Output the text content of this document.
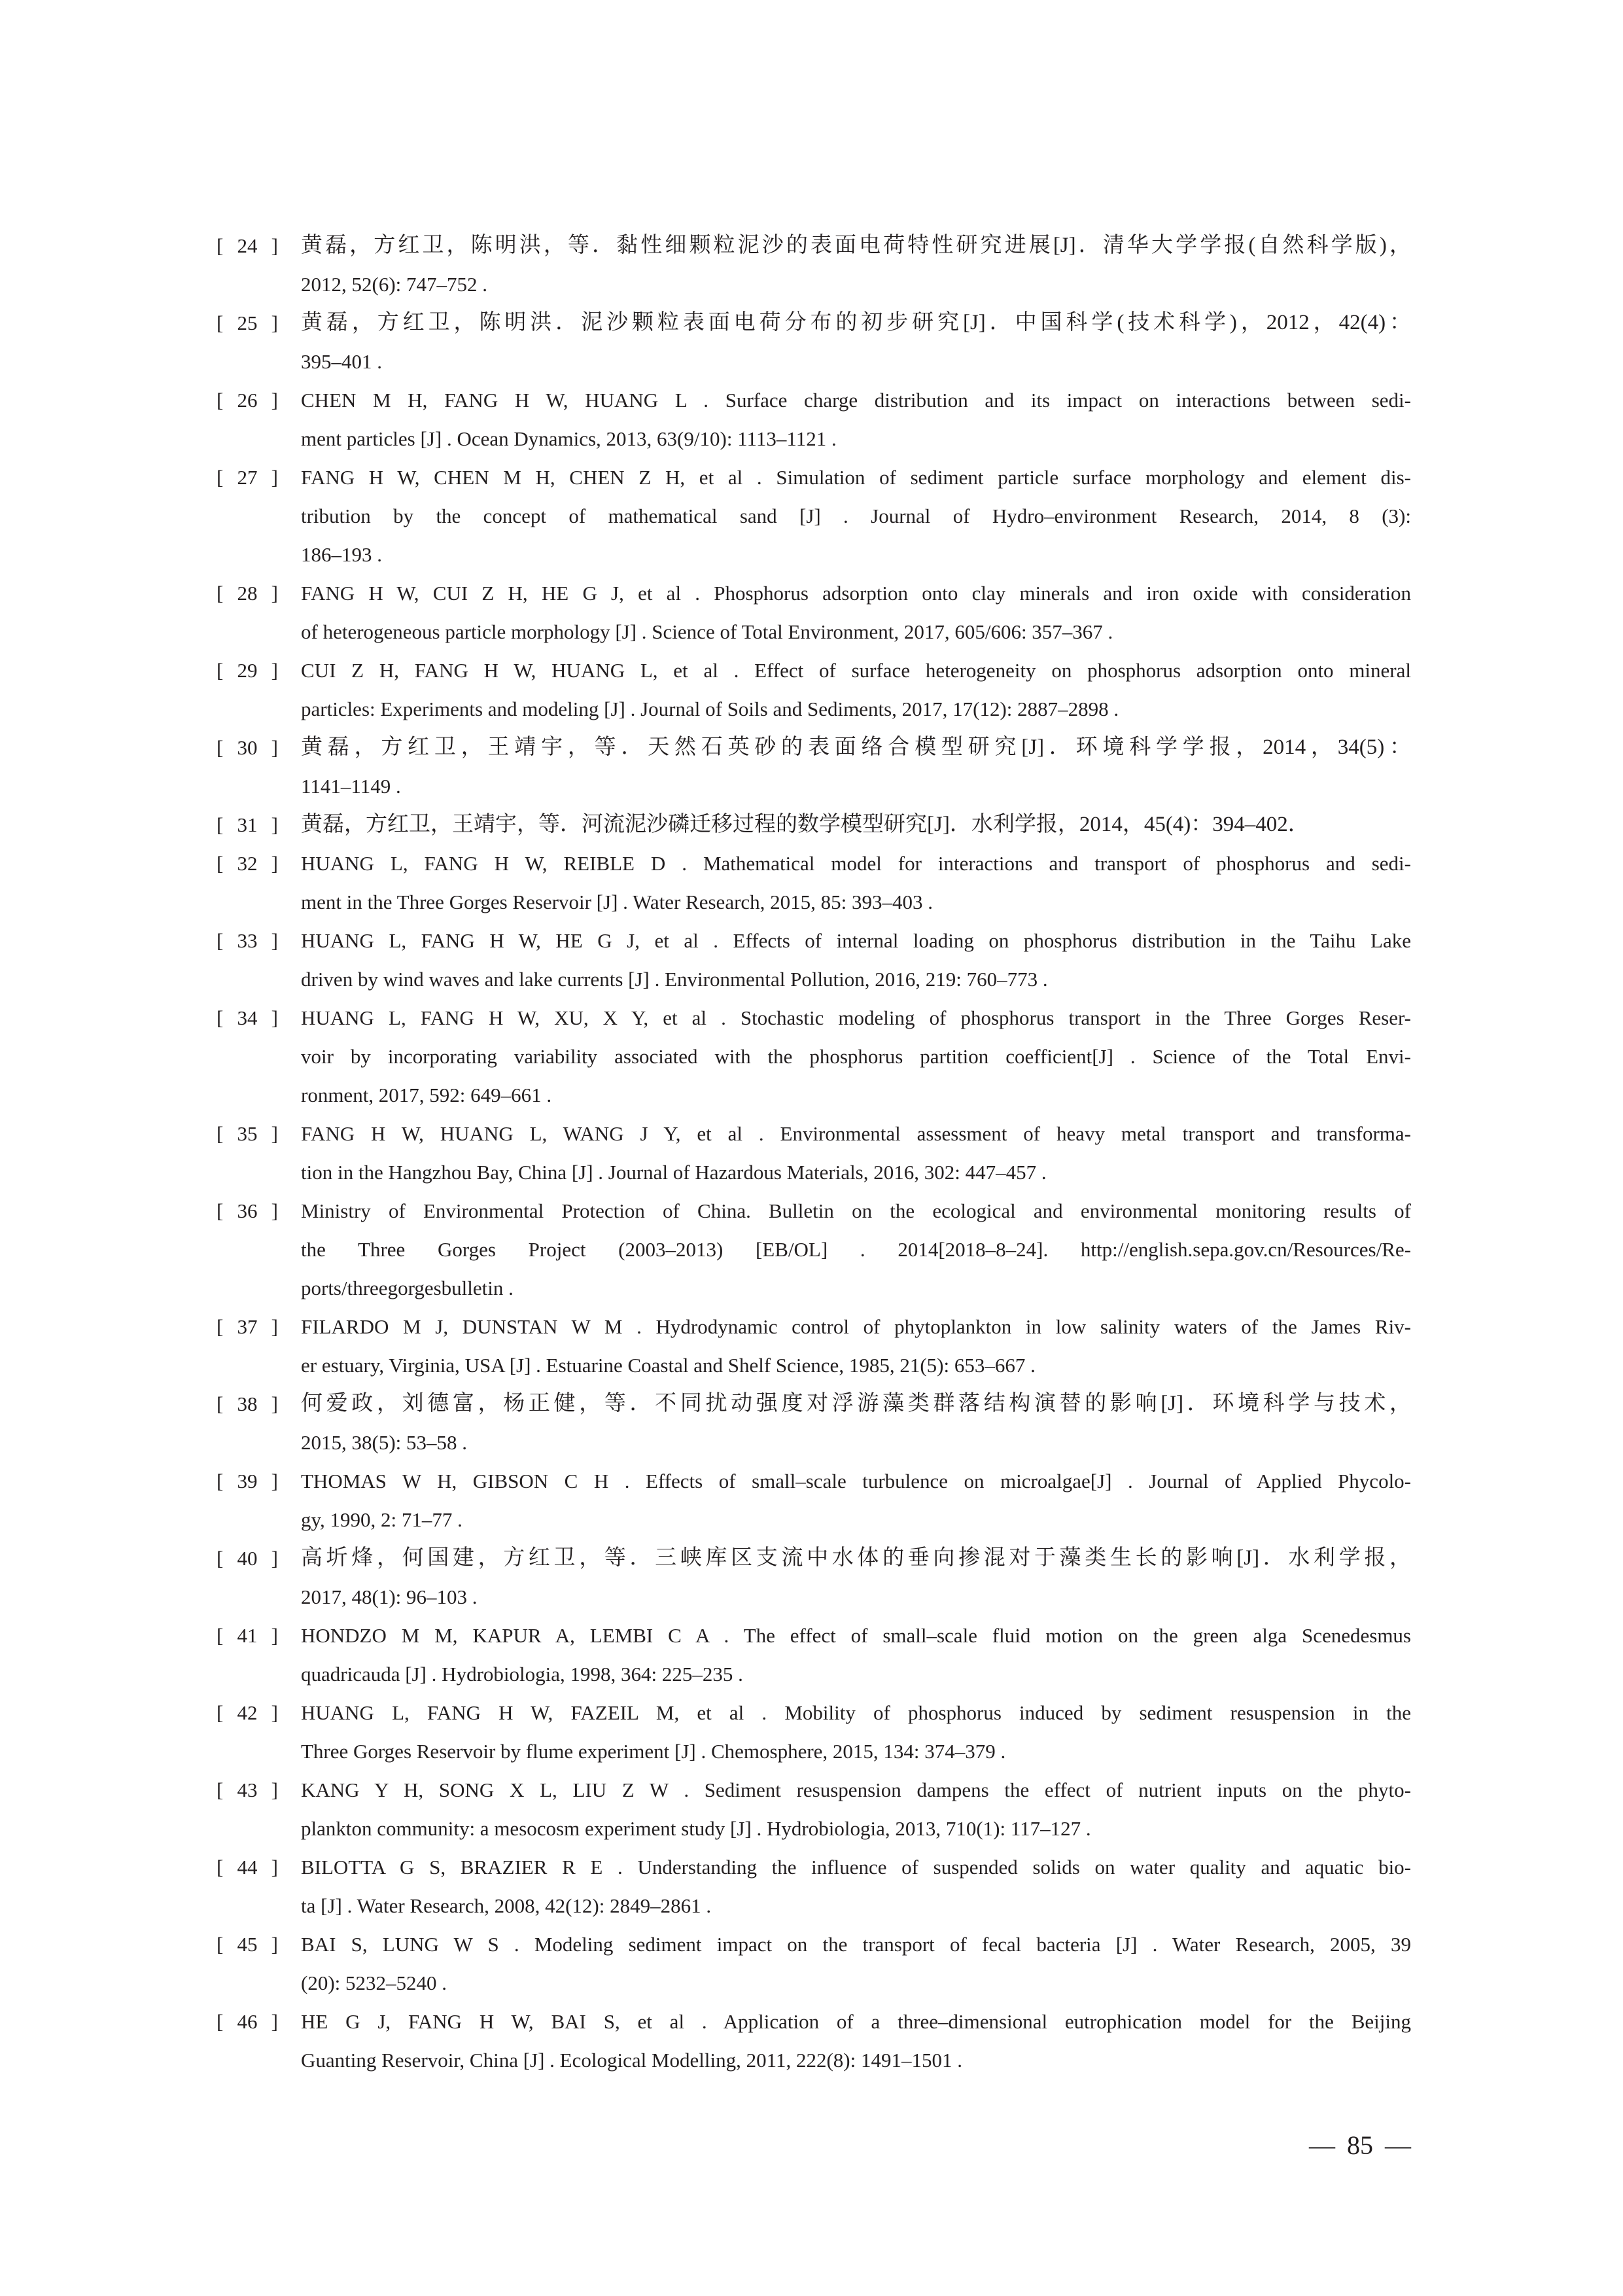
[ 24 ]	黄磊，方红卫，陈明洪，等．黏性细颗粒泥沙的表面电荷特性研究进展[J]．清华大学学报(自然科学版)，
2012, 52(6): 747–752 .
[ 25 ]	黄磊，方红卫，陈明洪．泥沙颗粒表面电荷分布的初步研究[J]．中国科学(技术科学)，2012，42(4)：
395–401 .
[ 26 ]	CHEN M H, FANG H W, HUANG L . Surface charge distribution and its impact on interactions between sedi-
ment particles [J] . Ocean Dynamics, 2013, 63(9/10): 1113–1121 .
[ 27 ]	FANG H W, CHEN M H, CHEN Z H, et al . Simulation of sediment particle surface morphology and element dis-
tribution by the concept of mathematical sand [J] . Journal of Hydro–environment Research, 2014, 8 (3):
186–193 .
[ 28 ]	FANG H W, CUI Z H, HE G J, et al . Phosphorus adsorption onto clay minerals and iron oxide with consideration
of heterogeneous particle morphology [J] . Science of Total Environment, 2017, 605/606: 357–367 .
[ 29 ]	CUI Z H, FANG H W, HUANG L, et al . Effect of surface heterogeneity on phosphorus adsorption onto mineral
particles: Experiments and modeling [J] . Journal of Soils and Sediments, 2017, 17(12): 2887–2898 .
[ 30 ]	黄磊，方红卫，王靖宇，等．天然石英砂的表面络合模型研究[J]．环境科学学报，2014，34(5)：
1141–1149 .
[ 31 ]	黄磊，方红卫，王靖宇，等．河流泥沙磷迁移过程的数学模型研究[J]．水利学报，2014，45(4)：394–402．
[ 32 ]	HUANG L, FANG H W, REIBLE D . Mathematical model for interactions and transport of phosphorus and sedi-
ment in the Three Gorges Reservoir [J] . Water Research, 2015, 85: 393–403 .
[ 33 ]	HUANG L, FANG H W, HE G J, et al . Effects of internal loading on phosphorus distribution in the Taihu Lake
driven by wind waves and lake currents [J] . Environmental Pollution, 2016, 219: 760–773 .
[ 34 ]	HUANG L, FANG H W, XU, X Y, et al . Stochastic modeling of phosphorus transport in the Three Gorges Reser-
voir by incorporating variability associated with the phosphorus partition coefficient[J] . Science of the Total Envi-
ronment, 2017, 592: 649–661 .
[ 35 ]	FANG H W, HUANG L, WANG J Y, et al . Environmental assessment of heavy metal transport and transforma-
tion in the Hangzhou Bay, China [J] . Journal of Hazardous Materials, 2016, 302: 447–457 .
[ 36 ]	Ministry of Environmental Protection of China. Bulletin on the ecological and environmental monitoring results of
the Three Gorges Project (2003–2013) [EB/OL] . 2014[2018–8–24]. http://english.sepa.gov.cn/Resources/Re-
ports/threegorgesbulletin .
[ 37 ]	FILARDO M J, DUNSTAN W M . Hydrodynamic control of phytoplankton in low salinity waters of the James Riv-
er estuary, Virginia, USA [J] . Estuarine Coastal and Shelf Science, 1985, 21(5): 653–667 .
[ 38 ]	何爱政，刘德富，杨正健，等．不同扰动强度对浮游藻类群落结构演替的影响[J]．环境科学与技术，
2015, 38(5): 53–58 .
[ 39 ]	THOMAS W H, GIBSON C H . Effects of small–scale turbulence on microalgae[J] . Journal of Applied Phycolo-
gy, 1990, 2: 71–77 .
[ 40 ]	高圻烽，何国建，方红卫，等．三峡库区支流中水体的垂向掺混对于藻类生长的影响[J]．水利学报，
2017, 48(1): 96–103 .
[ 41 ]	HONDZO M M, KAPUR A, LEMBI C A . The effect of small–scale fluid motion on the green alga Scenedesmus
quadricauda [J] . Hydrobiologia, 1998, 364: 225–235 .
[ 42 ]	HUANG L, FANG H W, FAZEIL M, et al . Mobility of phosphorus induced by sediment resuspension in the
Three Gorges Reservoir by flume experiment [J] . Chemosphere, 2015, 134: 374–379 .
[ 43 ]	KANG Y H, SONG X L, LIU Z W . Sediment resuspension dampens the effect of nutrient inputs on the phyto-
plankton community: a mesocosm experiment study [J] . Hydrobiologia, 2013, 710(1): 117–127 .
[ 44 ]	BILOTTA G S, BRAZIER R E . Understanding the influence of suspended solids on water quality and aquatic bio-
ta [J] . Water Research, 2008, 42(12): 2849–2861 .
[ 45 ]	BAI S, LUNG W S . Modeling sediment impact on the transport of fecal bacteria [J] . Water Research, 2005, 39
(20): 5232–5240 .
[ 46 ]	HE G J, FANG H W, BAI S, et al . Application of a three–dimensional eutrophication model for the Beijing
Guanting Reservoir, China [J] . Ecological Modelling, 2011, 222(8): 1491–1501 .
— 85 —
